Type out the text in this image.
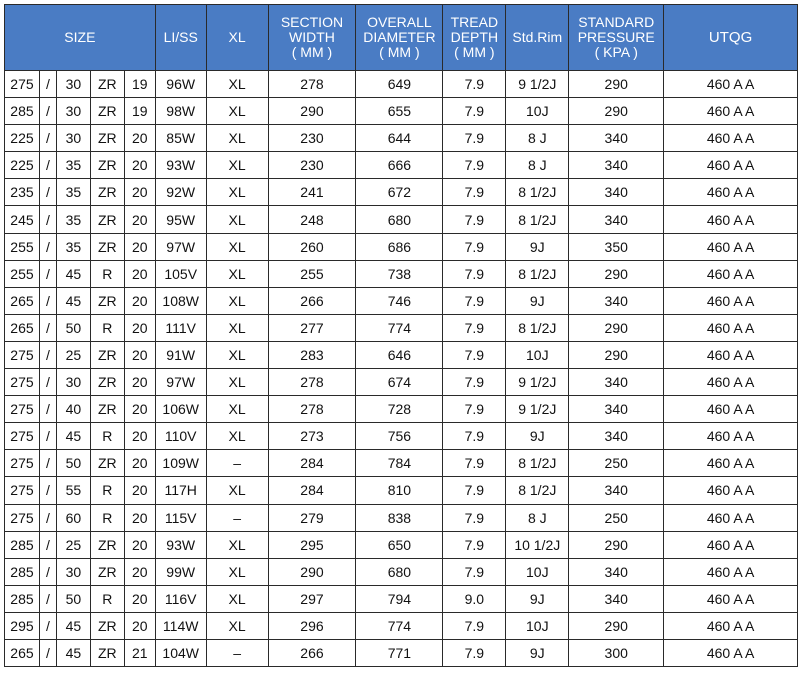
SIZE					LI/SS	XL	SECTION
WIDTH
( MM )	OVERALL
DIAMETER
( MM )	TREAD
DEPTH
( MM )	Std.Rim	STANDARD
PRESSURE
( KPA )	UTQG
275	/	30	ZR	19	96W	XL	278	649	7.9	9 1/2J	290	460 A A
285	/	30	ZR	19	98W	XL	290	655	7.9	10J	290	460 A A
225	/	30	ZR	20	85W	XL	230	644	7.9	8 J	340	460 A A
225	/	35	ZR	20	93W	XL	230	666	7.9	8 J	340	460 A A
235	/	35	ZR	20	92W	XL	241	672	7.9	8 1/2J	340	460 A A
245	/	35	ZR	20	95W	XL	248	680	7.9	8 1/2J	340	460 A A
255	/	35	ZR	20	97W	XL	260	686	7.9	9J	350	460 A A
255	/	45	R	20	105V	XL	255	738	7.9	8 1/2J	290	460 A A
265	/	45	ZR	20	108W	XL	266	746	7.9	9J	340	460 A A
265	/	50	R	20	111V	XL	277	774	7.9	8 1/2J	290	460 A A
275	/	25	ZR	20	91W	XL	283	646	7.9	10J	290	460 A A
275	/	30	ZR	20	97W	XL	278	674	7.9	9 1/2J	340	460 A A
275	/	40	ZR	20	106W	XL	278	728	7.9	9 1/2J	340	460 A A
275	/	45	R	20	110V	XL	273	756	7.9	9J	340	460 A A
275	/	50	ZR	20	109W	–	284	784	7.9	8 1/2J	250	460 A A
275	/	55	R	20	117H	XL	284	810	7.9	8 1/2J	340	460 A A
275	/	60	R	20	115V	–	279	838	7.9	8 J	250	460 A A
285	/	25	ZR	20	93W	XL	295	650	7.9	10 1/2J	290	460 A A
285	/	30	ZR	20	99W	XL	290	680	7.9	10J	340	460 A A
285	/	50	R	20	116V	XL	297	794	9.0	9J	340	460 A A
295	/	45	ZR	20	114W	XL	296	774	7.9	10J	290	460 A A
265	/	45	ZR	21	104W	–	266	771	7.9	9J	300	460 A A
